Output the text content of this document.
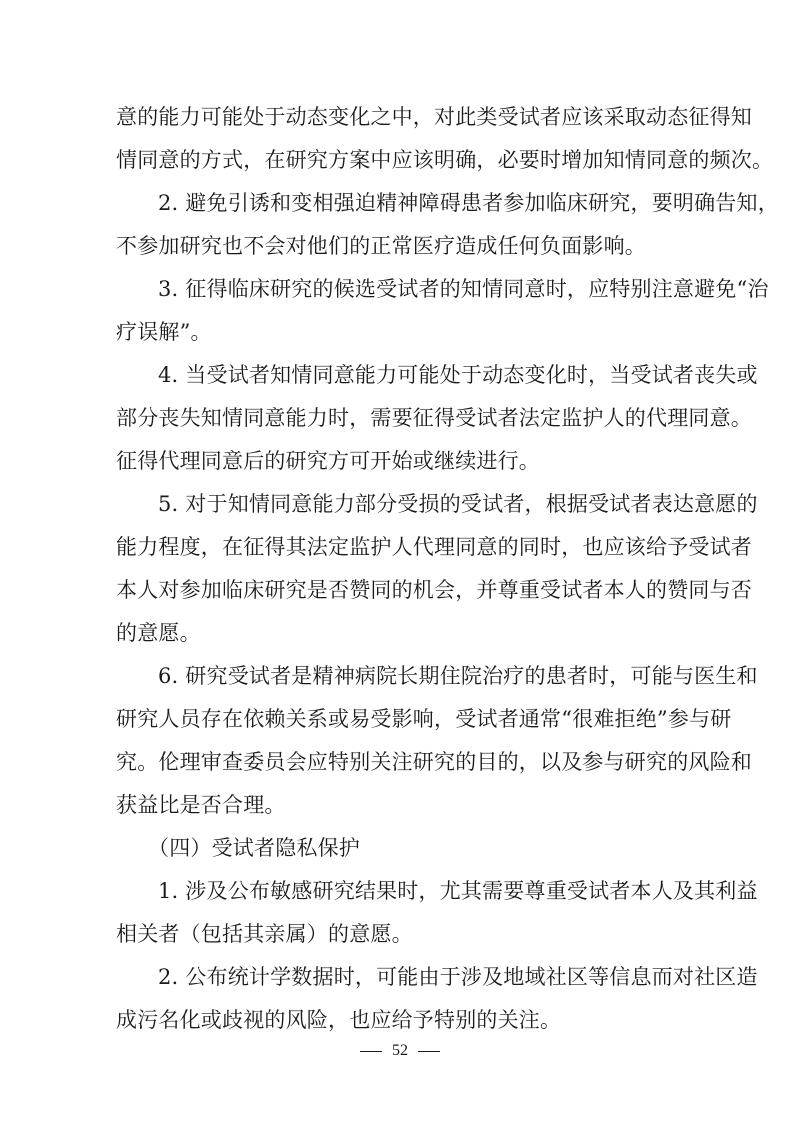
意的能力可能处于动态变化之中，对此类受试者应该采取动态征得知
情同意的方式，在研究方案中应该明确，必要时增加知情同意的频次。
2. 避免引诱和变相强迫精神障碍患者参加临床研究，要明确告知，
不参加研究也不会对他们的正常医疗造成任何负面影响。
3. 征得临床研究的候选受试者的知情同意时，应特别注意避免“治
疗误解”。
4. 当受试者知情同意能力可能处于动态变化时，当受试者丧失或
部分丧失知情同意能力时，需要征得受试者法定监护人的代理同意。
征得代理同意后的研究方可开始或继续进行。
5. 对于知情同意能力部分受损的受试者，根据受试者表达意愿的
能力程度，在征得其法定监护人代理同意的同时，也应该给予受试者
本人对参加临床研究是否赞同的机会，并尊重受试者本人的赞同与否
的意愿。
6. 研究受试者是精神病院长期住院治疗的患者时，可能与医生和
研究人员存在依赖关系或易受影响，受试者通常“很难拒绝”参与研
究。伦理审查委员会应特别关注研究的目的，以及参与研究的风险和
获益比是否合理。
（四）受试者隐私保护
1. 涉及公布敏感研究结果时，尤其需要尊重受试者本人及其利益
相关者（包括其亲属）的意愿。
2. 公布统计学数据时，可能由于涉及地域社区等信息而对社区造
成污名化或歧视的风险，也应给予特别的关注。
52
